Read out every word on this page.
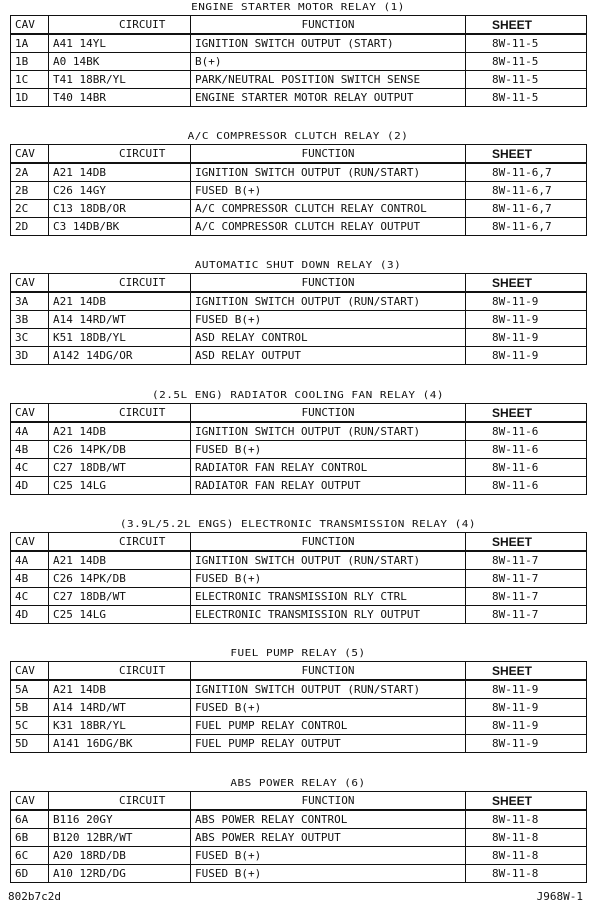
ENGINE STARTER MOTOR RELAY (1)
CAV	CIRCUIT	FUNCTION	SHEET
1A	A41 14YL	IGNITION SWITCH OUTPUT (START)	8W-11-5
1B	A0 14BK	B(+)	8W-11-5
1C	T41 18BR/YL	PARK/NEUTRAL POSITION SWITCH SENSE	8W-11-5
1D	T40 14BR	ENGINE STARTER MOTOR RELAY OUTPUT	8W-11-5
A/C COMPRESSOR CLUTCH RELAY (2)
CAV	CIRCUIT	FUNCTION	SHEET
2A	A21 14DB	IGNITION SWITCH OUTPUT (RUN/START)	8W-11-6,7
2B	C26 14GY	FUSED B(+)	8W-11-6,7
2C	C13 18DB/OR	A/C COMPRESSOR CLUTCH RELAY CONTROL	8W-11-6,7
2D	C3 14DB/BK	A/C COMPRESSOR CLUTCH RELAY OUTPUT	8W-11-6,7
AUTOMATIC SHUT DOWN RELAY (3)
CAV	CIRCUIT	FUNCTION	SHEET
3A	A21 14DB	IGNITION SWITCH OUTPUT (RUN/START)	8W-11-9
3B	A14 14RD/WT	FUSED B(+)	8W-11-9
3C	K51 18DB/YL	ASD RELAY CONTROL	8W-11-9
3D	A142 14DG/OR	ASD RELAY OUTPUT	8W-11-9
(2.5L ENG) RADIATOR COOLING FAN RELAY (4)
CAV	CIRCUIT	FUNCTION	SHEET
4A	A21 14DB	IGNITION SWITCH OUTPUT (RUN/START)	8W-11-6
4B	C26 14PK/DB	FUSED B(+)	8W-11-6
4C	C27 18DB/WT	RADIATOR FAN RELAY CONTROL	8W-11-6
4D	C25 14LG	RADIATOR FAN RELAY OUTPUT	8W-11-6
(3.9L/5.2L ENGS) ELECTRONIC TRANSMISSION RELAY (4)
CAV	CIRCUIT	FUNCTION	SHEET
4A	A21 14DB	IGNITION SWITCH OUTPUT (RUN/START)	8W-11-7
4B	C26 14PK/DB	FUSED B(+)	8W-11-7
4C	C27 18DB/WT	ELECTRONIC TRANSMISSION RLY CTRL	8W-11-7
4D	C25 14LG	ELECTRONIC TRANSMISSION RLY OUTPUT	8W-11-7
FUEL PUMP RELAY (5)
CAV	CIRCUIT	FUNCTION	SHEET
5A	A21 14DB	IGNITION SWITCH OUTPUT (RUN/START)	8W-11-9
5B	A14 14RD/WT	FUSED B(+)	8W-11-9
5C	K31 18BR/YL	FUEL PUMP RELAY CONTROL	8W-11-9
5D	A141 16DG/BK	FUEL PUMP RELAY OUTPUT	8W-11-9
ABS POWER RELAY (6)
CAV	CIRCUIT	FUNCTION	SHEET
6A	B116 20GY	ABS POWER RELAY CONTROL	8W-11-8
6B	B120 12BR/WT	ABS POWER RELAY OUTPUT	8W-11-8
6C	A20 18RD/DB	FUSED B(+)	8W-11-8
6D	A10 12RD/DG	FUSED B(+)	8W-11-8
802b7c2d	J968W-1
